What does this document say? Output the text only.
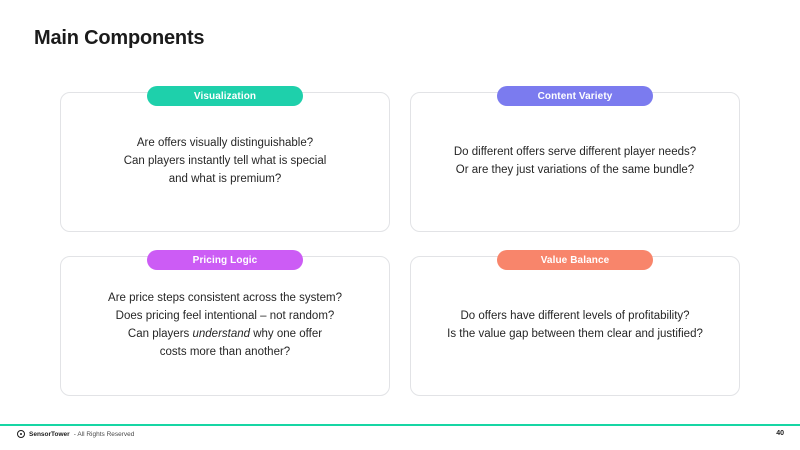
Main Components
Visualization
Are offers visually distinguishable?
Can players instantly tell what is special
and what is premium?
Content Variety
Do different offers serve different player needs?
Or are they just variations of the same bundle?
Pricing Logic
Are price steps consistent across the system?
Does pricing feel intentional – not random?
Can players understand why one offer
costs more than another?
Value Balance
Do offers have different levels of profitability?
Is the value gap between them clear and justified?
SensorTower - All Rights Reserved	40
